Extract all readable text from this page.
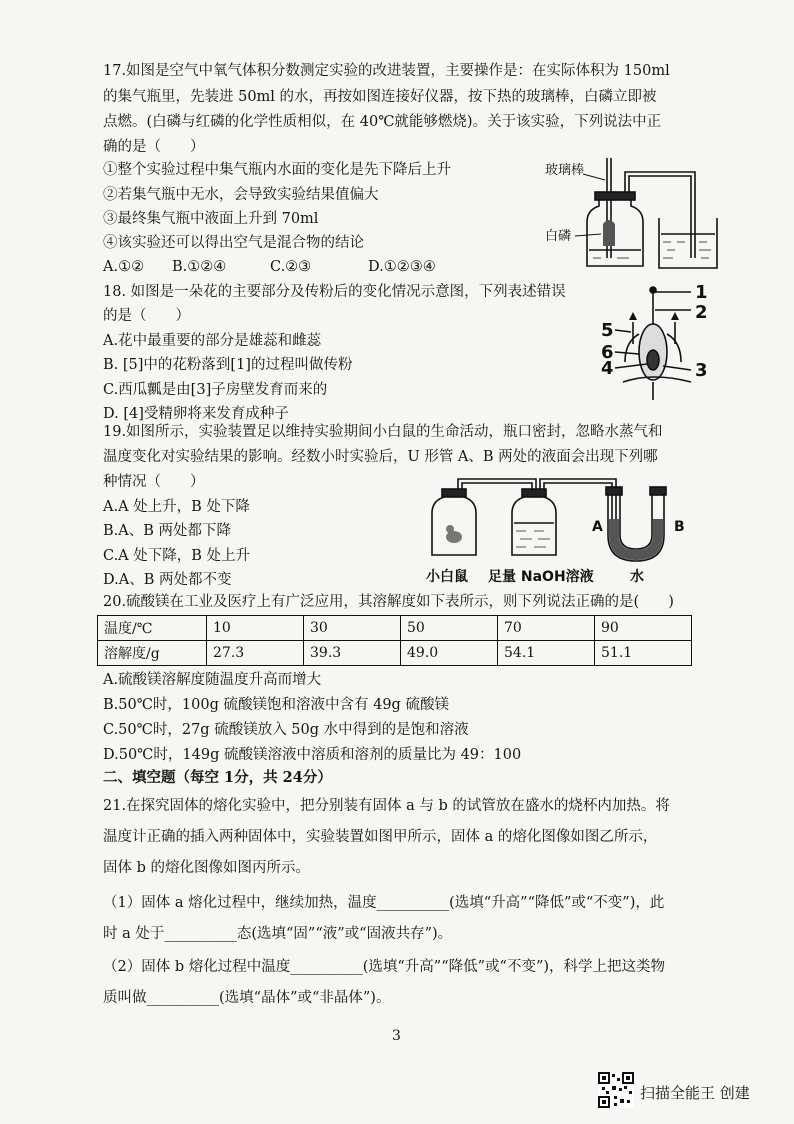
17.如图是空气中氧气体积分数测定实验的改进装置，主要操作是：在实际体积为 150ml
的集气瓶里，先装进 50ml 的水，再按如图连接好仪器，按下热的玻璃棒，白磷立即被
点燃。(白磷与红磷的化学性质相似，在 40℃就能够燃烧)。关于该实验，下列说法中正
确的是（　　）
①整个实验过程中集气瓶内水面的变化是先下降后上升
②若集气瓶中无水，会导致实验结果值偏大
③最终集气瓶中液面上升到 70ml
④该实验还可以得出空气是混合物的结论
A.①② B.①②④	C.②③	D.①②③④
玻璃棒
白磷
18. 如图是一朵花的主要部分及传粉后的变化情况示意图，下列表述错误
的是（　　）
A.花中最重要的部分是雄蕊和雌蕊
B. [5]中的花粉落到[1]的过程叫做传粉
C.西瓜瓤是由[3]子房壁发育而来的
D. [4]受精卵将来发育成种子
1
2
3
4
5
6
19.如图所示，实验装置足以维持实验期间小白鼠的生命活动，瓶口密封，忽略水蒸气和
温度变化对实验结果的影响。经数小时实验后，U 形管 A、B 两处的液面会出现下列哪
种情况（　　）
A.A 处上升，B 处下降
B.A、B 两处都下降
C.A 处下降，B 处上升
D.A、B 两处都不变
A	B
小白鼠 足量 NaOH溶液	水
20.硫酸镁在工业及医疗上有广泛应用，其溶解度如下表所示，则下列说法正确的是(　　)
温度/℃	10	30	50	70	90
溶解度/g	27.3	39.3	49.0	54.1	51.1
A.硫酸镁溶解度随温度升高而增大
B.50℃时，100g 硫酸镁饱和溶液中含有 49g 硫酸镁
C.50℃时，27g 硫酸镁放入 50g 水中得到的是饱和溶液
D.50℃时，149g 硫酸镁溶液中溶质和溶剂的质量比为 49：100
二、填空题（每空 1分，共 24分）
21.在探究固体的熔化实验中，把分别装有固体 a 与 b 的试管放在盛水的烧杯内加热。将
温度计正确的插入两种固体中，实验装置如图甲所示，固体 a 的熔化图像如图乙所示，
固体 b 的熔化图像如图丙所示。
（1）固体 a 熔化过程中，继续加热，温度__________(选填“升高”“降低”或“不变”)，此
时 a 处于__________态(选填“固”“液”或“固液共存”)。
（2）固体 b 熔化过程中温度__________(选填“升高”“降低”或“不变”)，科学上把这类物
质叫做__________(选填“晶体”或“非晶体”)。
3
扫描全能王 创建
